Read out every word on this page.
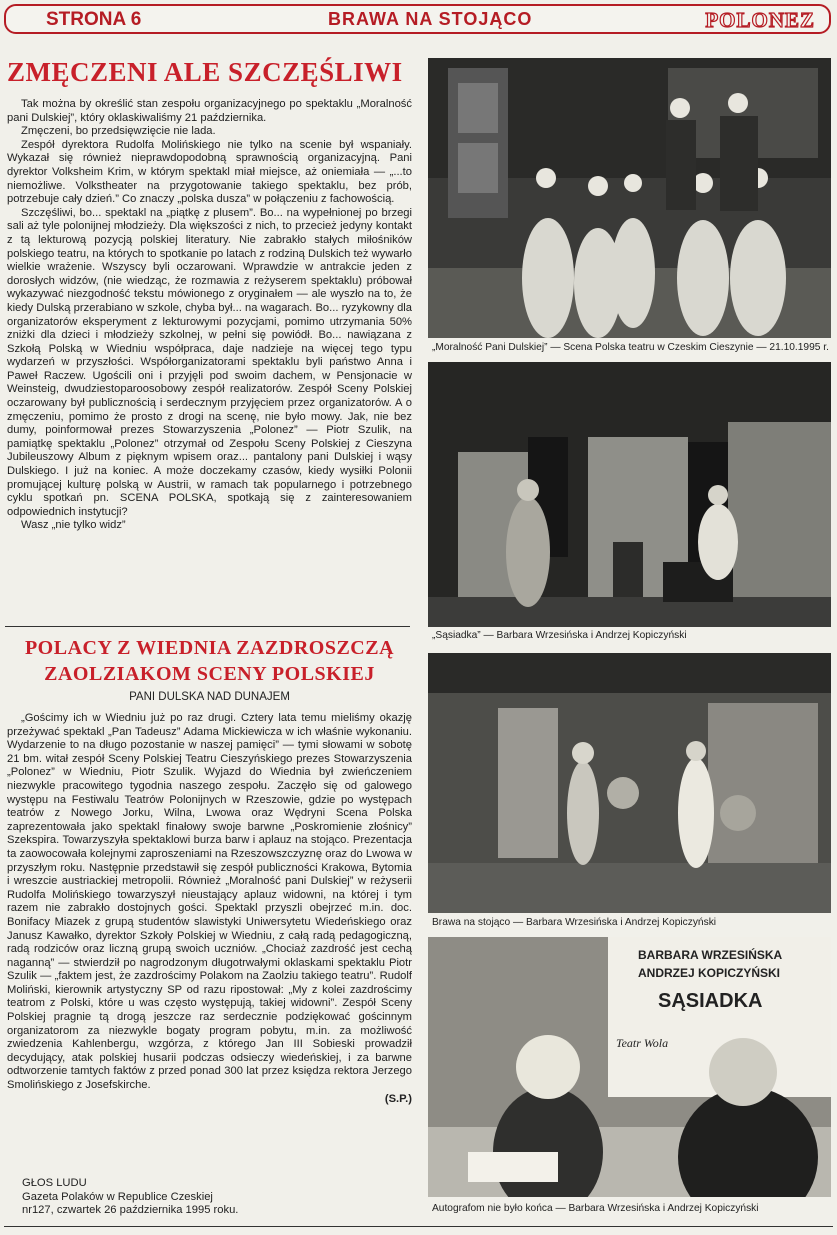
STRONA 6	BRAWA NA STOJĄCO	POLONEZ
ZMĘCZENI ALE SZCZĘŚLIWI

Tak można by określić stan zespołu organizacyjnego po spektaklu „Moralność pani Dulskiej”, który oklaskiwaliśmy 21 października.

Zmęczeni, bo przedsięwzięcie nie lada.

Zespół dyrektora Rudolfa Molińskiego nie tylko na scenie był wspaniały. Wykazał się również nieprawdopodobną sprawnością organizacyjną. Pani dyrektor Volksheim Krim, w którym spektakl miał miejsce, aż oniemiała — „...to niemożliwe. Volkstheater na przygotowanie takiego spektaklu, bez prób, potrzebuje cały dzień.” Co znaczy „polska dusza” w połączeniu z fachowością.

Szczęśliwi, bo... spektakl na „piątkę z plusem”. Bo... na wypełnionej po brzegi sali aż tyle polonijnej młodzieży. Dla większości z nich, to przecież jedyny kontakt z tą lekturową pozycją polskiej literatury. Nie zabrakło stałych miłośników polskiego teatru, na których to spotkanie po latach z rodziną Dulskich też wywarło wielkie wrażenie. Wszyscy byli oczarowani. Wprawdzie w antrakcie jeden z dorosłych widzów, (nie wiedząc, że rozmawia z reżyserem spektaklu) próbował wykazywać niezgodność tekstu mówionego z oryginałem — ale wyszło na to, że kiedy Dulską przerabiano w szkole, chyba był... na wagarach. Bo... ryzykowny dla organizatorów eksperyment z lekturowymi pozycjami, pomimo utrzymania 50% zniżki dla dzieci i młodzieży szkolnej, w pełni się powiódł. Bo... nawiązana z Szkołą Polską w Wiedniu współpraca, daje nadzieje na więcej tego typu wydarzeń w przyszłości. Współorganizatorami spektaklu byli państwo Anna i Paweł Raczew. Ugościli oni i przyjęli pod swoim dachem, w Pensjonacie w Weinsteig, dwudziestoparoosobowy zespół realizatorów. Zespół Sceny Polskiej oczarowany był publicznością i serdecznym przyjęciem przez organizatorów. A o zmęczeniu, pomimo że prosto z drogi na scenę, nie było mowy. Jak, nie bez dumy, poinformował prezes Stowarzyszenia „Polonez” — Piotr Szulik, na pamiątkę spektaklu „Polonez” otrzymał od Zespołu Sceny Polskiej z Cieszyna Jubileuszowy Album z pięknym wpisem oraz... pantalony pani Dulskiej i wąsy Dulskiego. I już na koniec. A może doczekamy czasów, kiedy wysiłki Polonii promującej kulturę polską w Austrii, w ramach tak popularnego i potrzebnego cyklu spotkań pn. SCENA POLSKA, spotkają się z zainteresowaniem odpowiednich instytucji?

Wasz „nie tylko widz”

POLACY Z WIEDNIA ZAZDROSZCZĄ ZAOLZIAKOM SCENY POLSKIEJ
PANI DULSKA NAD DUNAJEM

„Gościmy ich w Wiedniu już po raz drugi. Cztery lata temu mieliśmy okazję przeżywać spektakl „Pan Tadeusz” Adama Mickiewicza w ich właśnie wykonaniu. Wydarzenie to na długo pozostanie w naszej pamięci” — tymi słowami w sobotę 21 bm. witał zespół Sceny Polskiej Teatru Cieszyńskiego prezes Stowarzyszenia „Polonez” w Wiedniu, Piotr Szulik. Wyjazd do Wiednia był zwieńczeniem niezwykle pracowitego tygodnia naszego zespołu. Zaczęło się od galowego występu na Festiwalu Teatrów Polonijnych w Rzeszowie, gdzie po występach teatrów z Nowego Jorku, Wilna, Lwowa oraz Wędryni Scena Polska zaprezentowała jako spektakl finałowy swoje barwne „Poskromienie złośnicy” Szekspira. Towarzyszyła spektaklowi burza barw i aplauz na stojąco. Prezentacja ta zaowocowała kolejnymi zaproszeniami na Rzeszowszczyznę oraz do Lwowa w przyszłym roku. Następnie przedstawił się zespół publiczności Krakowa, Bytomia i wreszcie austriackiej metropolii. Również „Moralność pani Dulskiej” w reżyserii Rudolfa Molińskiego towarzyszył nieustający aplauz widowni, na której i tym razem nie zabrakło dostojnych gości. Spektakl przyszli obejrzeć m.in. doc. Bonifacy Miazek z grupą studentów slawistyki Uniwersytetu Wiedeńskiego oraz Janusz Kawałko, dyrektor Szkoły Polskiej w Wiedniu, z całą radą pedagogiczną, radą rodziców oraz liczną grupą swoich uczniów. „Chociaż zazdrość jest cechą naganną” — stwierdził po nagrodzonym długotrwałymi oklaskami spektaklu Piotr Szulik — „faktem jest, że zazdrościmy Polakom na Zaolziu takiego teatru”. Rudolf Moliński, kierownik artystyczny SP od razu ripostował: „My z kolei zazdrościmy teatrom z Polski, które u was często występują, takiej widowni”. Zespół Sceny Polskiej pragnie tą drogą jeszcze raz serdecznie podziękować gościnnym organizatorom za niezwykle bogaty program pobytu, m.in. za możliwość zwiedzenia Kahlenbergu, wzgórza, z którego Jan III Sobieski prowadził decydujący, atak polskiej husarii podczas odsieczy wiedeńskiej, i za barwne odtworzenie tamtych faktów z przed ponad 300 lat przez księdza rektora Jerzego Smolińskiego z Josefskirche.

(S.P.)
GŁOS LUDU
Gazeta Polaków w Republice Czeskiej
nr127, czwartek 26 października 1995 roku.
„Moralność Pani Dulskiej” — Scena Polska teatru w Czeskim Cieszynie — 21.10.1995 r.
„Sąsiadka” — Barbara Wrzesińska i Andrzej Kopiczyński
Brawa na stojąco — Barbara Wrzesińska i Andrzej Kopiczyński
BARBARA WRZESIŃSKA
ANDRZEJ KOPICZYŃSKI
SĄSIADKA
Teatr Wola
Autografom nie było końca — Barbara Wrzesińska i Andrzej Kopiczyński
